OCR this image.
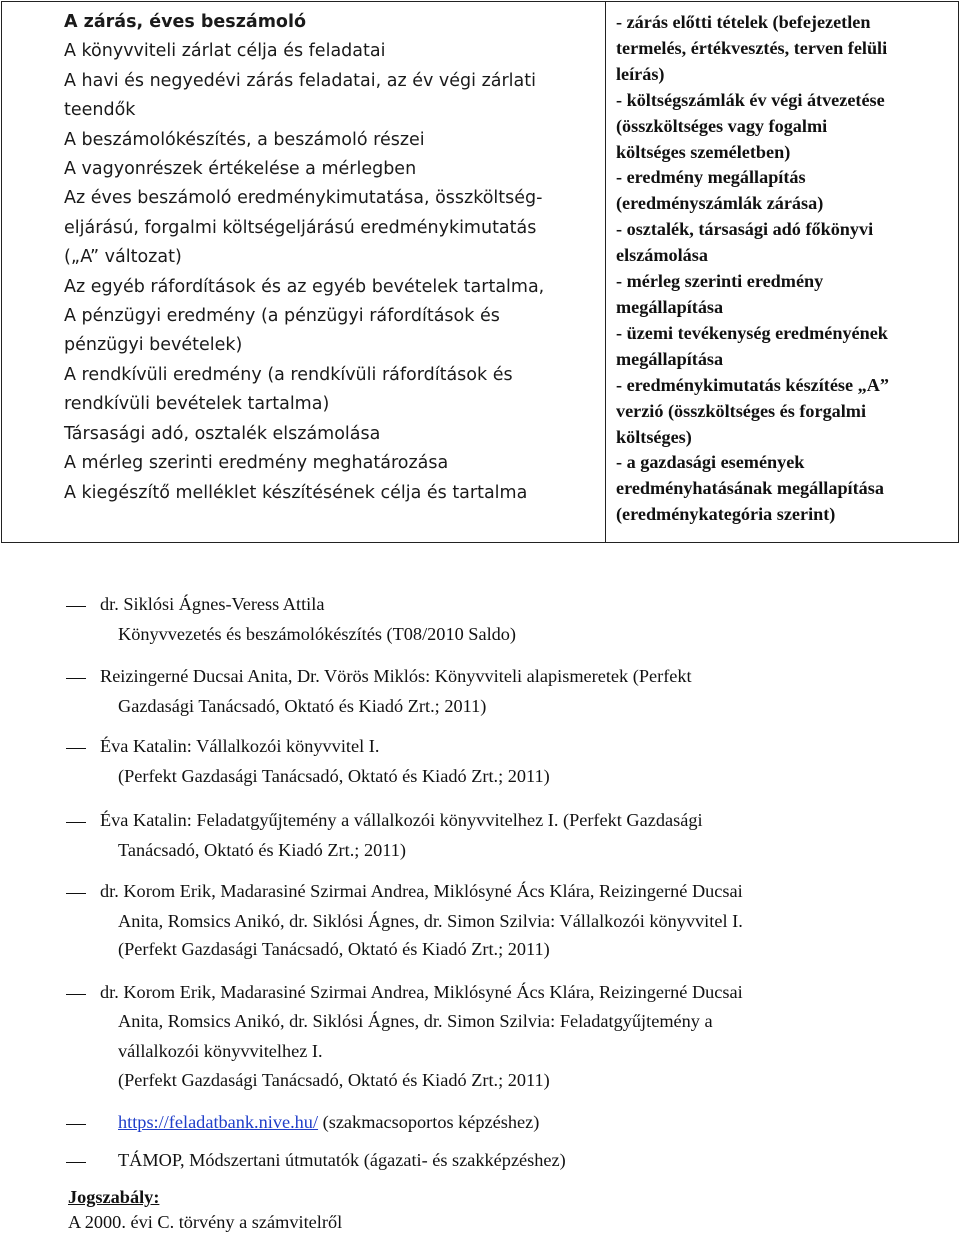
A zárás, éves beszámoló
A könyvviteli zárlat célja és feladatai
A havi és negyedévi zárás feladatai, az év végi zárlati
teendők
A beszámolókészítés, a beszámoló részei
A vagyonrészek értékelése a mérlegben
Az éves beszámoló eredménykimutatása, összköltség-
eljárású, forgalmi költségeljárású eredménykimutatás
(„A” változat)
Az egyéb ráfordítások és az egyéb bevételek tartalma,
A pénzügyi eredmény (a pénzügyi ráfordítások és
pénzügyi bevételek)
A rendkívüli eredmény (a rendkívüli ráfordítások és
rendkívüli bevételek tartalma)
Társasági adó, osztalék elszámolása
A mérleg szerinti eredmény meghatározása
A kiegészítő melléklet készítésének célja és tartalma
- zárás előtti tételek (befejezetlen
termelés, értékvesztés, terven felüli
leírás)
- költségszámlák év végi átvezetése
(összköltséges vagy fogalmi
költséges személetben)
- eredmény megállapítás
(eredményszámlák zárása)
- osztalék, társasági adó főkönyvi
elszámolása
- mérleg szerinti eredmény
megállapítása
- üzemi tevékenység eredményének
megállapítása
- eredménykimutatás készítése „A”
verzió (összköltséges és forgalmi
költséges)
- a gazdasági események
eredményhatásának megállapítása
(eredménykategória szerint)
dr. Siklósi Ágnes-Veress Attila
Könyvvezetés és beszámolókészítés (T08/2010 Saldo)
Reizingerné Ducsai Anita, Dr. Vörös Miklós: Könyvviteli alapismeretek (Perfekt
Gazdasági Tanácsadó, Oktató és Kiadó Zrt.; 2011)
Éva Katalin: Vállalkozói könyvvitel I.
(Perfekt Gazdasági Tanácsadó, Oktató és Kiadó Zrt.; 2011)
Éva Katalin: Feladatgyűjtemény a vállalkozói könyvvitelhez I. (Perfekt Gazdasági
Tanácsadó, Oktató és Kiadó Zrt.; 2011)
dr. Korom Erik, Madarasiné Szirmai Andrea, Miklósyné Ács Klára, Reizingerné Ducsai
Anita, Romsics Anikó, dr. Siklósi Ágnes, dr. Simon Szilvia: Vállalkozói könyvvitel I.
(Perfekt Gazdasági Tanácsadó, Oktató és Kiadó Zrt.; 2011)
dr. Korom Erik, Madarasiné Szirmai Andrea, Miklósyné Ács Klára, Reizingerné Ducsai
Anita, Romsics Anikó, dr. Siklósi Ágnes, dr. Simon Szilvia: Feladatgyűjtemény a
vállalkozói könyvvitelhez I.
(Perfekt Gazdasági Tanácsadó, Oktató és Kiadó Zrt.; 2011)
https://feladatbank.nive.hu/ (szakmacsoportos képzéshez)
TÁMOP, Módszertani útmutatók (ágazati- és szakképzéshez)
Jogszabály:
A 2000. évi C. törvény a számvitelről
